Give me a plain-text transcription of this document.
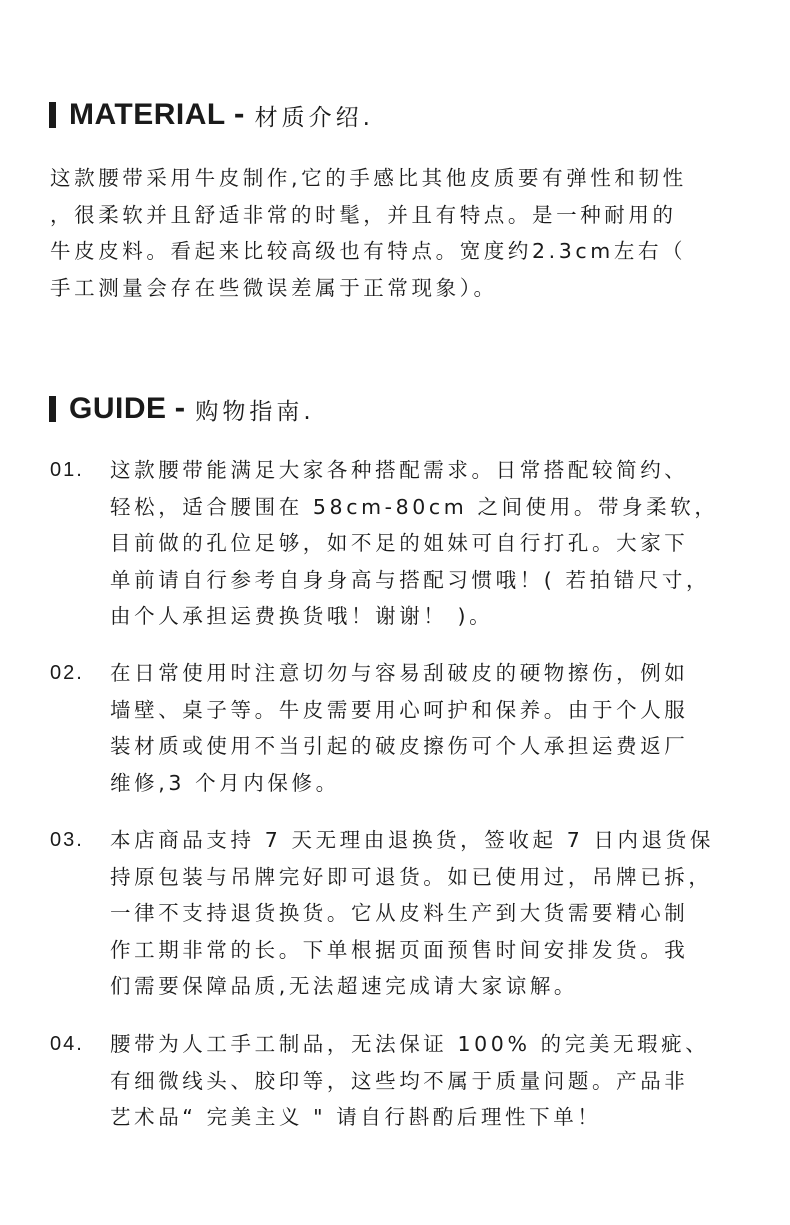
MATERIAL - 材质介绍.

这款腰带采用牛皮制作,它的手感比其他皮质要有弹性和韧性
，很柔软并且舒适非常的时髦，并且有特点。是一种耐用的
牛皮皮料。看起来比较高级也有特点。宽度约2.3cm左右（
手工测量会存在些微误差属于正常现象）。

GUIDE - 购物指南.
01. 这款腰带能满足大家各种搭配需求。日常搭配较简约、
轻松，适合腰围在 58cm-80cm 之间使用。带身柔软，
目前做的孔位足够，如不足的姐妹可自行打孔。大家下
单前请自行参考自身身高与搭配习惯哦！( 若拍错尺寸，
由个人承担运费换货哦！谢谢！ )。
02. 在日常使用时注意切勿与容易刮破皮的硬物擦伤，例如
墙壁、桌子等。牛皮需要用心呵护和保养。由于个人服
装材质或使用不当引起的破皮擦伤可个人承担运费返厂
维修,3 个月内保修。
03. 本店商品支持 7 天无理由退换货，签收起 7 日内退货保
持原包装与吊牌完好即可退货。如已使用过，吊牌已拆，
一律不支持退货换货。它从皮料生产到大货需要精心制
作工期非常的长。下单根据页面预售时间安排发货。我
们需要保障品质,无法超速完成请大家谅解。
04. 腰带为人工手工制品，无法保证 100% 的完美无瑕疵、
有细微线头、胶印等，这些均不属于质量问题。产品非
艺术品“ 完美主义 " 请自行斟酌后理性下单！
